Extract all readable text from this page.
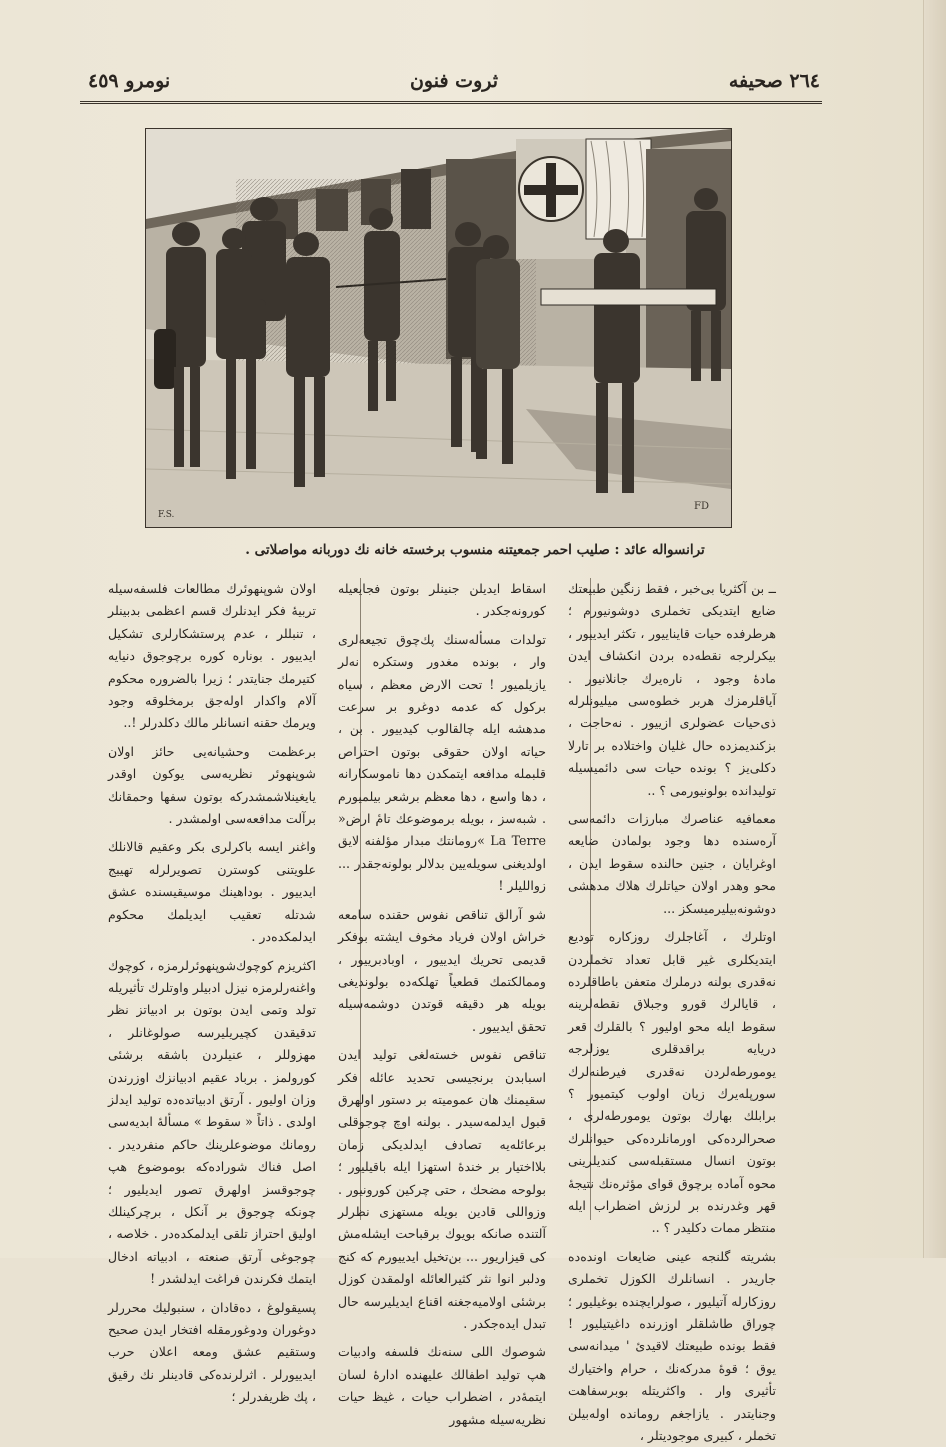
۲٦٤ صحیفه
ثروت فنون
نومرو ٤٥٩
F.S.
FD
ترانسواله عائد : صلیب احمر جمعیتنه منسوب برخسته خانه نك دوربانه مواصلاتی .

ــ بن آکثریا بی‌خبر ، فقط زنگین طبیعتك ضایع ایتدیکی تخملری دوشونیورم ؛ هرطرفده حیات قایناییور ، تکثر ایدییور ، بیکرلرجه نقطه‌ده بردن انکشاف ایدن مادهٔ وجود ، ناره‌یرك جانلانیور . آیاقلرمزك هربر خطوه‌سی میلیونلرله ذی‌حیات عضولری ازییور . نه‌حاجت ، بزکندیمزده حال غلیان واختلاده بر تارلا دکلی‌یز ؟ بونده حیات سی دائمیسیله تولیدانده بولونیورمی ؟ ..

معمافیه عناصرك مبارزات دائمه‌سی آره‌سنده دها وجود بولمادن ضایعه اوغرایان ، جنین حالنده سقوط ایدن ، محو وهدر اولان حیاتلرك هلاك مدهشی دوشونه‌بیلیرمیسکز ...

اوتلرك ، آغاجلرك روزکاره تودیع ایتدیکلری غیر قابل تعداد تخملردن نه‌قدری بولنه درملرك متعفن باطاقلرده ، قایالرك قورو وجبلاق نقطه‌لرینه سقوط ایله محو اولیور ؟ بالقلرك قعر دریایه براقدقلری یوزلرجه یومورطه‌لردن نه‌قدری فیرطنه‌لرك سورپله‌یرك زیان اولوب کیتمیور ؟ برابلك بهارك بوتون یومورطه‌لری ، صحرالرده‌کی اورمانلرده‌کی حیوانلرك بوتون انسال مستقبله‌سی کندیلرینی محوه آماده برچوق قوای مؤثره‌نك نتیجهٔ قهر وغدرنده بر لرزش اضطراب ایله منتظر ممات دکلیدر ؟ ..

بشریته گلنجه عینی ضایعات اونده‌ده جاریدر . انسانلرك الکوزل تخملری روزکارله آتیلیور ، صولرایچنده بوغیلیور ؛ چوراق طاشلقلر اوزرنده داغیتیلیور ! فقط بونده طبیعتك لاقیدیٔ ' میدانه‌سی یوق ؛ قوهٔ مدرکه‌نك ، حرام واختیارك تأثیری وار . واکثریتله بوبرسفاهت وجنایتدر . یازاجغم رومانده اوله‌بیلن تخملر ، کبیری موجودیتلر ،

اسقاط ایدیلن جنینلر بوتون فجایعیله کورونه‌جکدر .

تولدات مسأله‌سنك پك‌چوق تجیعه‌لری وار ، بونده مغدور وستکره نه‌لر یازیلمیور ! تحت الارض معظم ، سیاه برکول که عدمه دوغرو بر سرعت مدهشه ایله چالقالوب کیدییور . بن ، حیاته اولان حقوقی بوتون احتراص قلبمله مدافعه ایتمکدن دها ناموسکارانه ، دها واسع ، دها معظم برشعر بیلمیورم . شبه‌سز ، بویله برموضوعك تامٔ ارض« La Terre »رومانتك مبدار مؤلفنه لایق اولدیغنی سویله‌یین بدلالر بولونه‌جقدر ... زواللیلر !

شو آرالق تناقص نفوس حقنده سامعه خراش اولان فریاد مخوف ایشته بوفکر قدیمی تحریك ایدییور ، اوبادبرییور ، وممالکتمك قطعیاً تهلکه‌ده بولوندیغی بویله هر دقیقه قوتدن دوشمه‌سیله تحقق ایدییور .

تناقص نفوس خسته‌لغی تولید ایدن اسبابدن برنجیسی تحدید عائله فکر سقیمنك هان عمومیته بر دستور اولهرق قبول ایدلمه‌سیدر . بولنه اوچ چوجوقلی برعائله‌یه تصادف ایدلدیکی زمان بلااختیار بر خنده‌ٔ استهزا ایله باقیلیور ؛ بولوحه مضحك ، حتی چرکین کورونیور . وزواللی قادین بویله مستهزی نظرلر آلتنده صانکه بویوك برقباحت ایشله‌مش کی قیزاریور ... بن‌تخیل ایدییورم که کنج ودلبر انوا نثر کثیرالعائله اولمقدن کوزل برشئی اولامیه‌جغنه اقناع ایدیلیرسه حال تبدل ایده‌جکدر .

شوصوك اللی سنه‌نك فلسفه وادبیات هپ تولید اطفالك علیهنده اداره‌ٔ لسان ایتمه‌ٔدر ، اضطراب حیات ، غیظ حیات نظریه‌سیله مشهور

اولان شوپنهوئرك مطالعات فلسفه‌سیله تربیهٔ فکر ایدنلرك قسم اعظمی بدبینلر ، تنبللر ، عدم پرستشکارلری تشکیل ایدییور . بوناره کوره برچوجوق دنیایه کتیرمك جنایتدر ؛ زیرا بالضروره محکوم آلام واکدار اوله‌جق برمخلوقه وجود ویرمك حقنه انسانلر مالك دکلدرلر !..

برعظمت وحشیانه‌یی حائز اولان شوپنهوئر نظریه‌سی یوکون اوقدر یایغینلاشمشدرکه بوتون سفها وحمقانك برآلت مدافعه‌سی اولمشدر .

واغنر ایسه باکرلری بکر وعقیم قالانلك علویتنی کوسترن تصویرلرله تهییج ایدییور . بوداهینك موسیقیسنده عشق شدتله تعقیب ایدیلمك محکوم ایدلمکده‌در .

اکثریزم کوچوك‌شوپنهوئرلرمزه ، کوچوك واغنه‌رلرمزه نیزل ادبیلر واوتلرك تأثیریله تولد وتمی ایدن بوتون بر ادبیاتز نظر تدقیقدن کچیریلیرسه صولوغانلر ، مهزوللر ، عنیلردن باشقه برشئی کورولمز . برباد عقیم ادبیانزك اوزرندن وزان اولیور . آرتق ادبیاتده‌ده تولید ایدلز اولدی . ذاتاً « سقوط » مسأله‌ٔ ابدیه‌سی رومانك موضوعلرینك حاکم منفردیدر . اصل فناك شوراده‌که بوموضوع هپ چوجوقسز اولهرق تصور ایدیلیور ؛ چونکه چوجوق بر آنکل ، برچرکینلك اولیق احتراز تلقی ایدلمکده‌در . خلاصه ، چوجوغی آرتق صنعته ، ادبیاته ادخال ایتمك فکرندن فراغت ایدلشدر !

پسیقولوغ ، ده‌قادان ، سنبولیك محررلر دوغوران ودوغورمقله افتخار ایدن صحیح وستقیم عشق ومعه اعلان حرب ایدییورلر . اثرلرنده‌کی قادینلر نك رقیق ، پك ظریفدرلر ؛
